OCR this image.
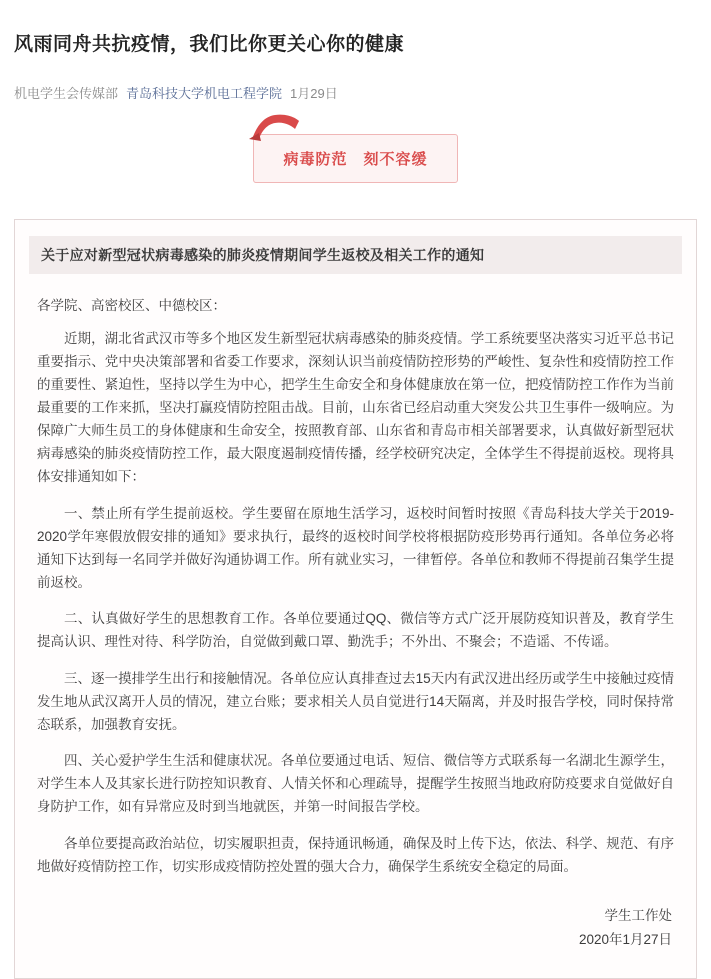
风雨同舟共抗疫情，我们比你更关心你的健康
机电学生会传媒部 青岛科技大学机电工程学院 1月29日
病毒防范　刻不容缓
关于应对新型冠状病毒感染的肺炎疫情期间学生返校及相关工作的通知
各学院、高密校区、中德校区：

近期，湖北省武汉市等多个地区发生新型冠状病毒感染的肺炎疫情。学工系统要坚决落实习近平总书记重要指示、党中央决策部署和省委工作要求，深刻认识当前疫情防控形势的严峻性、复杂性和疫情防控工作的重要性、紧迫性，坚持以学生为中心，把学生生命安全和身体健康放在第一位，把疫情防控工作作为当前最重要的工作来抓，坚决打赢疫情防控阻击战。目前，山东省已经启动重大突发公共卫生事件一级响应。为保障广大师生员工的身体健康和生命安全，按照教育部、山东省和青岛市相关部署要求，认真做好新型冠状病毒感染的肺炎疫情防控工作，最大限度遏制疫情传播，经学校研究决定，全体学生不得提前返校。现将具体安排通知如下：

一、禁止所有学生提前返校。学生要留在原地生活学习，返校时间暂时按照《青岛科技大学关于2019-2020学年寒假放假安排的通知》要求执行，最终的返校时间学校将根据防疫形势再行通知。各单位务必将通知下达到每一名同学并做好沟通协调工作。所有就业实习，一律暂停。各单位和教师不得提前召集学生提前返校。

二、认真做好学生的思想教育工作。各单位要通过QQ、微信等方式广泛开展防疫知识普及，教育学生提高认识、理性对待、科学防治，自觉做到戴口罩、勤洗手；不外出、不聚会；不造谣、不传谣。

三、逐一摸排学生出行和接触情况。各单位应认真排查过去15天内有武汉进出经历或学生中接触过疫情发生地从武汉离开人员的情况，建立台账；要求相关人员自觉进行14天隔离，并及时报告学校，同时保持常态联系，加强教育安抚。

四、关心爱护学生生活和健康状况。各单位要通过电话、短信、微信等方式联系每一名湖北生源学生，对学生本人及其家长进行防控知识教育、人情关怀和心理疏导，提醒学生按照当地政府防疫要求自觉做好自身防护工作，如有异常应及时到当地就医，并第一时间报告学校。

各单位要提高政治站位，切实履职担责，保持通讯畅通，确保及时上传下达，依法、科学、规范、有序地做好疫情防控工作，切实形成疫情防控处置的强大合力，确保学生系统安全稳定的局面。

学生工作处
2020年1月27日
